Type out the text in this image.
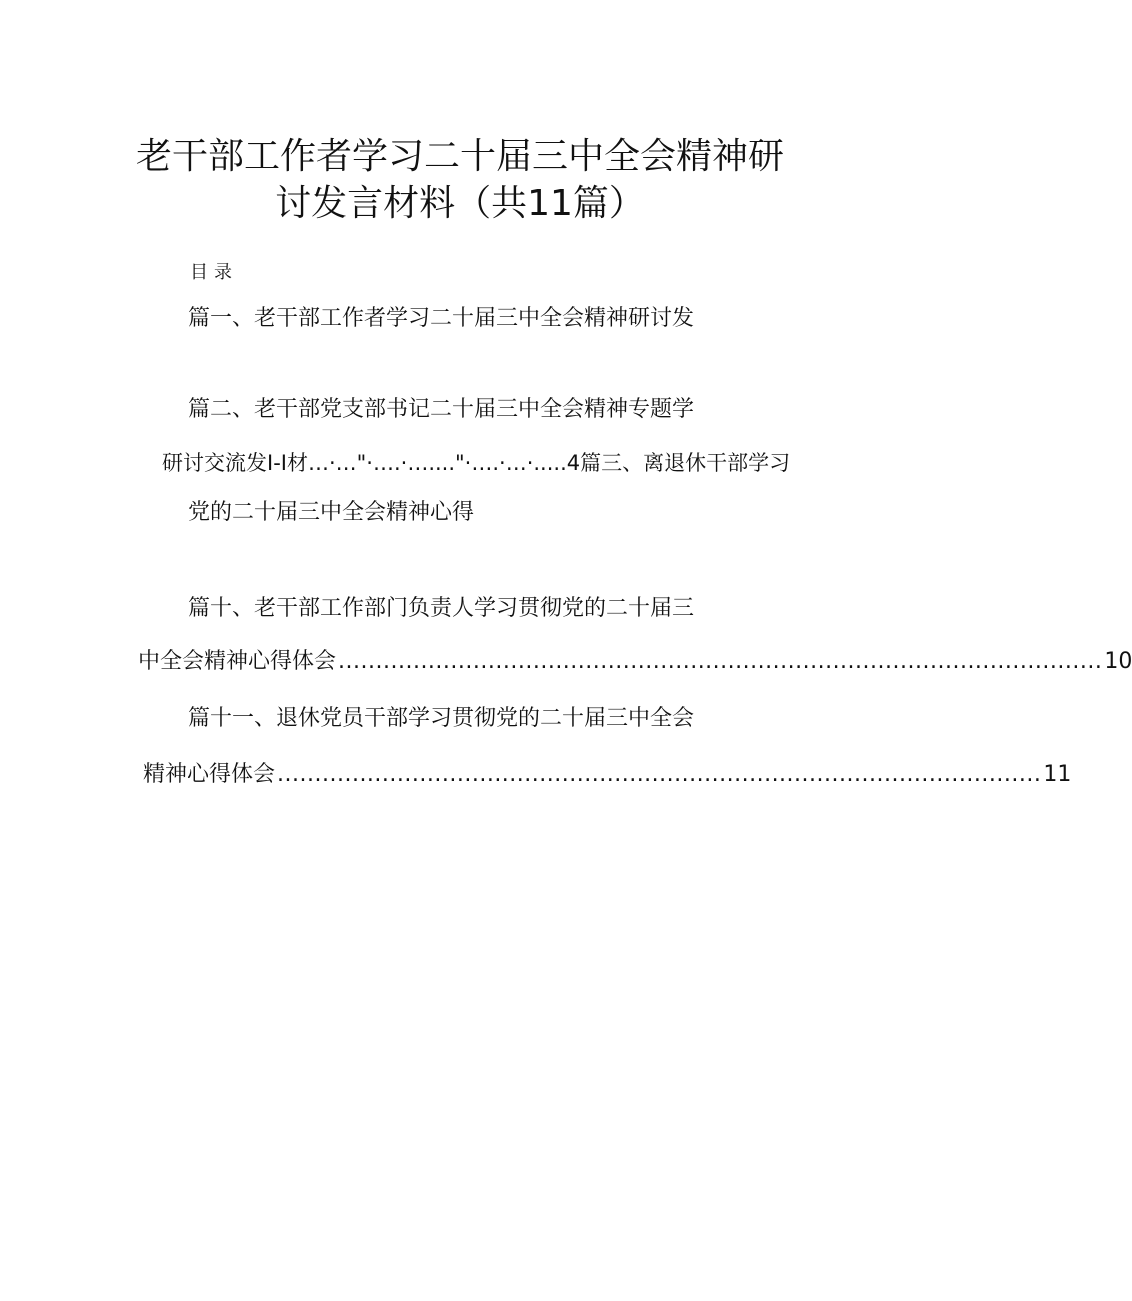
老干部工作者学习二十届三中全会精神研
讨发言材料（共11篇）
目录
篇一、老干部工作者学习二十届三中全会精神研讨发
篇二、老干部党支部书记二十届三中全会精神专题学
研讨交流发I-I材…·…"·….·…...."·….·…·.....4篇三、离退休干部学习
党的二十届三中全会精神心得
篇十、老干部工作部门负责人学习贯彻党的二十届三
中全会精神心得体会 ...................................................................................................... 10
篇十一、退休党员干部学习贯彻党的二十届三中全会
精神心得体会 ...................................................................................................... 11
